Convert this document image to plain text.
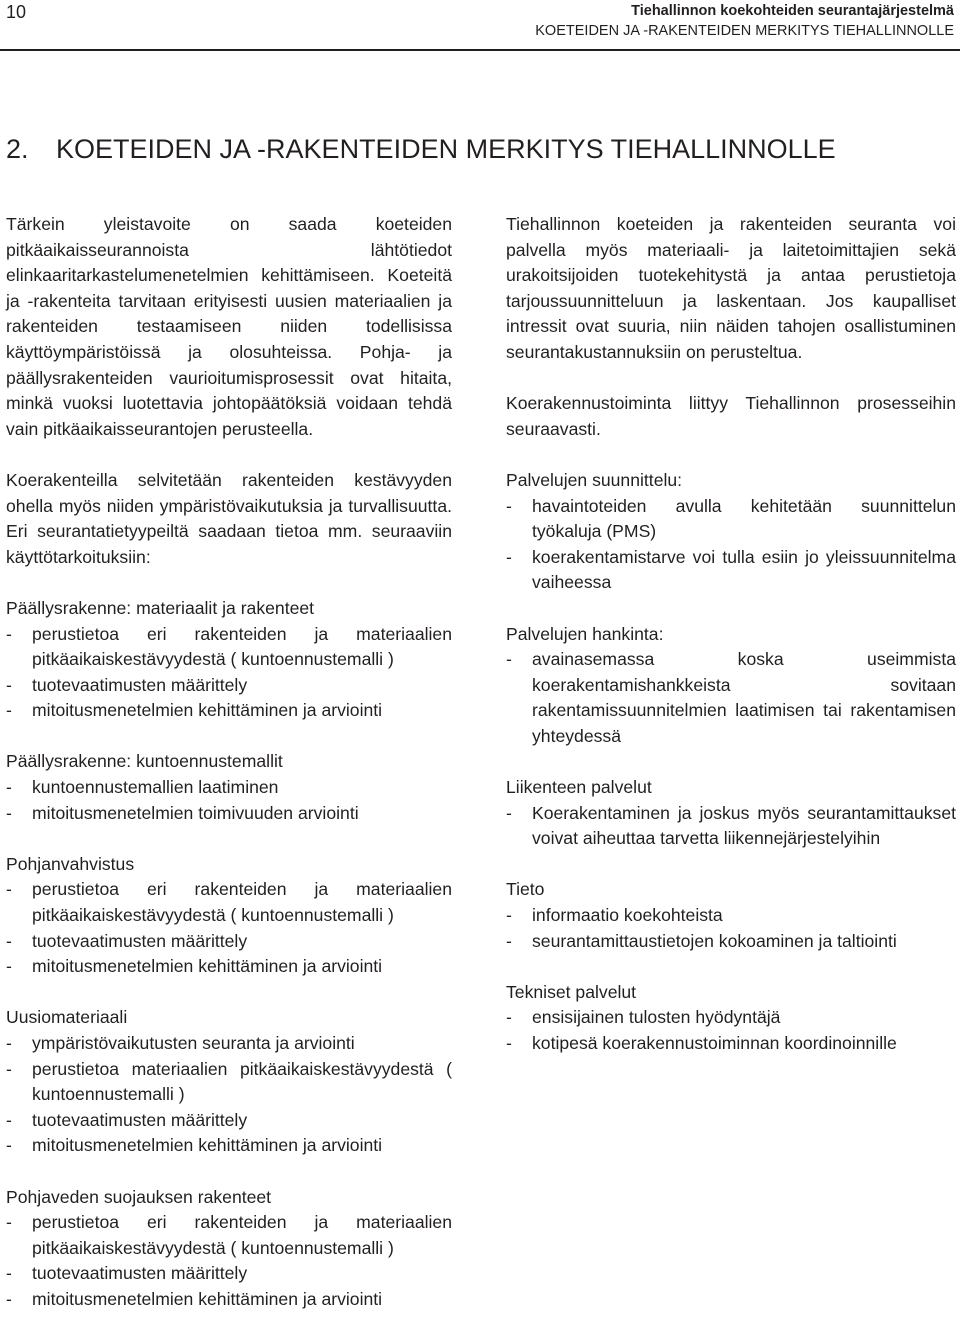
10	Tiehallinnon koekohteiden seurantajärjestelmä
KOETEIDEN JA -RAKENTEIDEN MERKITYS TIEHALLINNOLLE
2. KOETEIDEN JA -RAKENTEIDEN MERKITYS TIEHALLINNOLLE

Tärkein yleistavoite on saada koeteiden pitkäaikaisseurannoista lähtötiedot elinkaaritarkastelumenetelmien kehittämiseen. Koeteitä ja -rakenteita tarvitaan erityisesti uusien materiaalien ja rakenteiden testaamiseen niiden todellisissa käyttöympäristöissä ja olosuhteissa. Pohja- ja päällysrakenteiden vaurioitumisprosessit ovat hitaita, minkä vuoksi luotettavia johtopäätöksiä voidaan tehdä vain pitkäaikaisseurantojen perusteella.

Koerakenteilla selvitetään rakenteiden kestävyyden ohella myös niiden ympäristövaikutuksia ja turvallisuutta. Eri seurantatietyypeiltä saadaan tietoa mm. seuraaviin käyttötarkoituksiin:

Päällysrakenne: materiaalit ja rakenteet
- perustietoa eri rakenteiden ja materiaalien pitkäaikaiskestävyydestä ( kuntoennustemalli )
- tuotevaatimusten määrittely
- mitoitusmenetelmien kehittäminen ja arviointi
Päällysrakenne: kuntoennustemallit
- kuntoennustemallien laatiminen
- mitoitusmenetelmien toimivuuden arviointi
Pohjanvahvistus
- perustietoa eri rakenteiden ja materiaalien pitkäaikaiskestävyydestä ( kuntoennustemalli )
- tuotevaatimusten määrittely
- mitoitusmenetelmien kehittäminen ja arviointi
Uusiomateriaali
- ympäristövaikutusten seuranta ja arviointi
- perustietoa materiaalien pitkäaikaiskestävyydestä ( kuntoennustemalli )
- tuotevaatimusten määrittely
- mitoitusmenetelmien kehittäminen ja arviointi
Pohjaveden suojauksen rakenteet
- perustietoa eri rakenteiden ja materiaalien pitkäaikaiskestävyydestä ( kuntoennustemalli )
- tuotevaatimusten määrittely
- mitoitusmenetelmien kehittäminen ja arviointi

Tiehallinnon koeteiden ja rakenteiden seuranta voi palvella myös materiaali- ja laitetoimittajien sekä urakoitsijoiden tuotekehitystä ja antaa perustietoja tarjoussuunnitteluun ja laskentaan. Jos kaupalliset intressit ovat suuria, niin näiden tahojen osallistuminen seurantakustannuksiin on perusteltua.

Koerakennustoiminta liittyy Tiehallinnon prosesseihin seuraavasti.

Palvelujen suunnittelu:
- havaintoteiden avulla kehitetään suunnittelun työkaluja (PMS)
- koerakentamistarve voi tulla esiin jo yleissuunnitelma vaiheessa
Palvelujen hankinta:
- avainasemassa koska useimmista koerakentamishankkeista sovitaan rakentamissuunnitelmien laatimisen tai rakentamisen yhteydessä
Liikenteen palvelut
- Koerakentaminen ja joskus myös seurantamittaukset voivat aiheuttaa tarvetta liikennejärjestelyihin
Tieto
- informaatio koekohteista
- seurantamittaustietojen kokoaminen ja taltiointi
Tekniset palvelut
- ensisijainen tulosten hyödyntäjä
- kotipesä koerakennustoiminnan koordinoinnille
